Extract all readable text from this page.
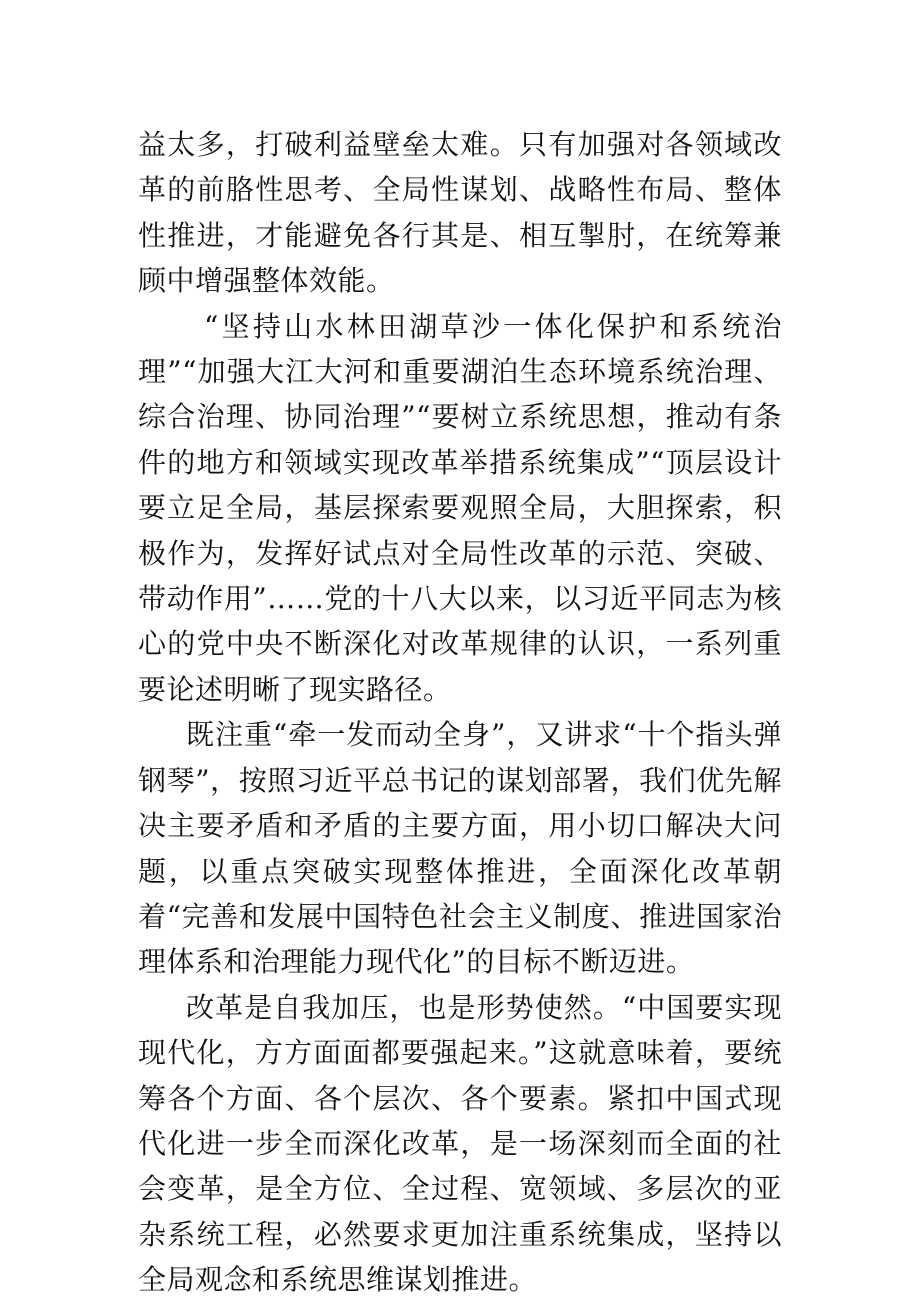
益太多，打破利益壁垒太难。只有加强对各领域改革的前胳性思考、全局性谋划、战略性布局、整体性推进，才能避免各行其是、相互掣肘，在统筹兼顾中增强整体效能。

“坚持山水林田湖草沙一体化保护和系统治理”“加强大江大河和重要湖泊生态环境系统治理、综合治理、协同治理”“要树立系统思想，推动有条件的地方和领域实现改革举措系统集成”“顶层设计要立足全局，基层探索要观照全局，大胆探索，积极作为，发挥好试点对全局性改革的示范、突破、带动作用”……党的十八大以来，以习近平同志为核心的党中央不断深化对改革规律的认识，一系列重要论述明晰了现实路径。

既注重“牵一发而动全身”，又讲求“十个指头弹钢琴”，按照习近平总书记的谋划部署，我们优先解决主要矛盾和矛盾的主要方面，用小切口解决大问题，以重点突破实现整体推进，全面深化改革朝着“完善和发展中国特色社会主义制度、推进国家治理体系和治理能力现代化”的目标不断迈进。

改革是自我加压，也是形势使然。“中国要实现现代化，方方面面都要强起来。”这就意味着，要统筹各个方面、各个层次、各个要素。紧扣中国式现代化进一步全而深化改革，是一场深刻而全面的社会变革，是全方位、全过程、宽领域、多层次的亚杂系统工程，必然要求更加注重系统集成，坚持以全局观念和系统思维谋划推进。
